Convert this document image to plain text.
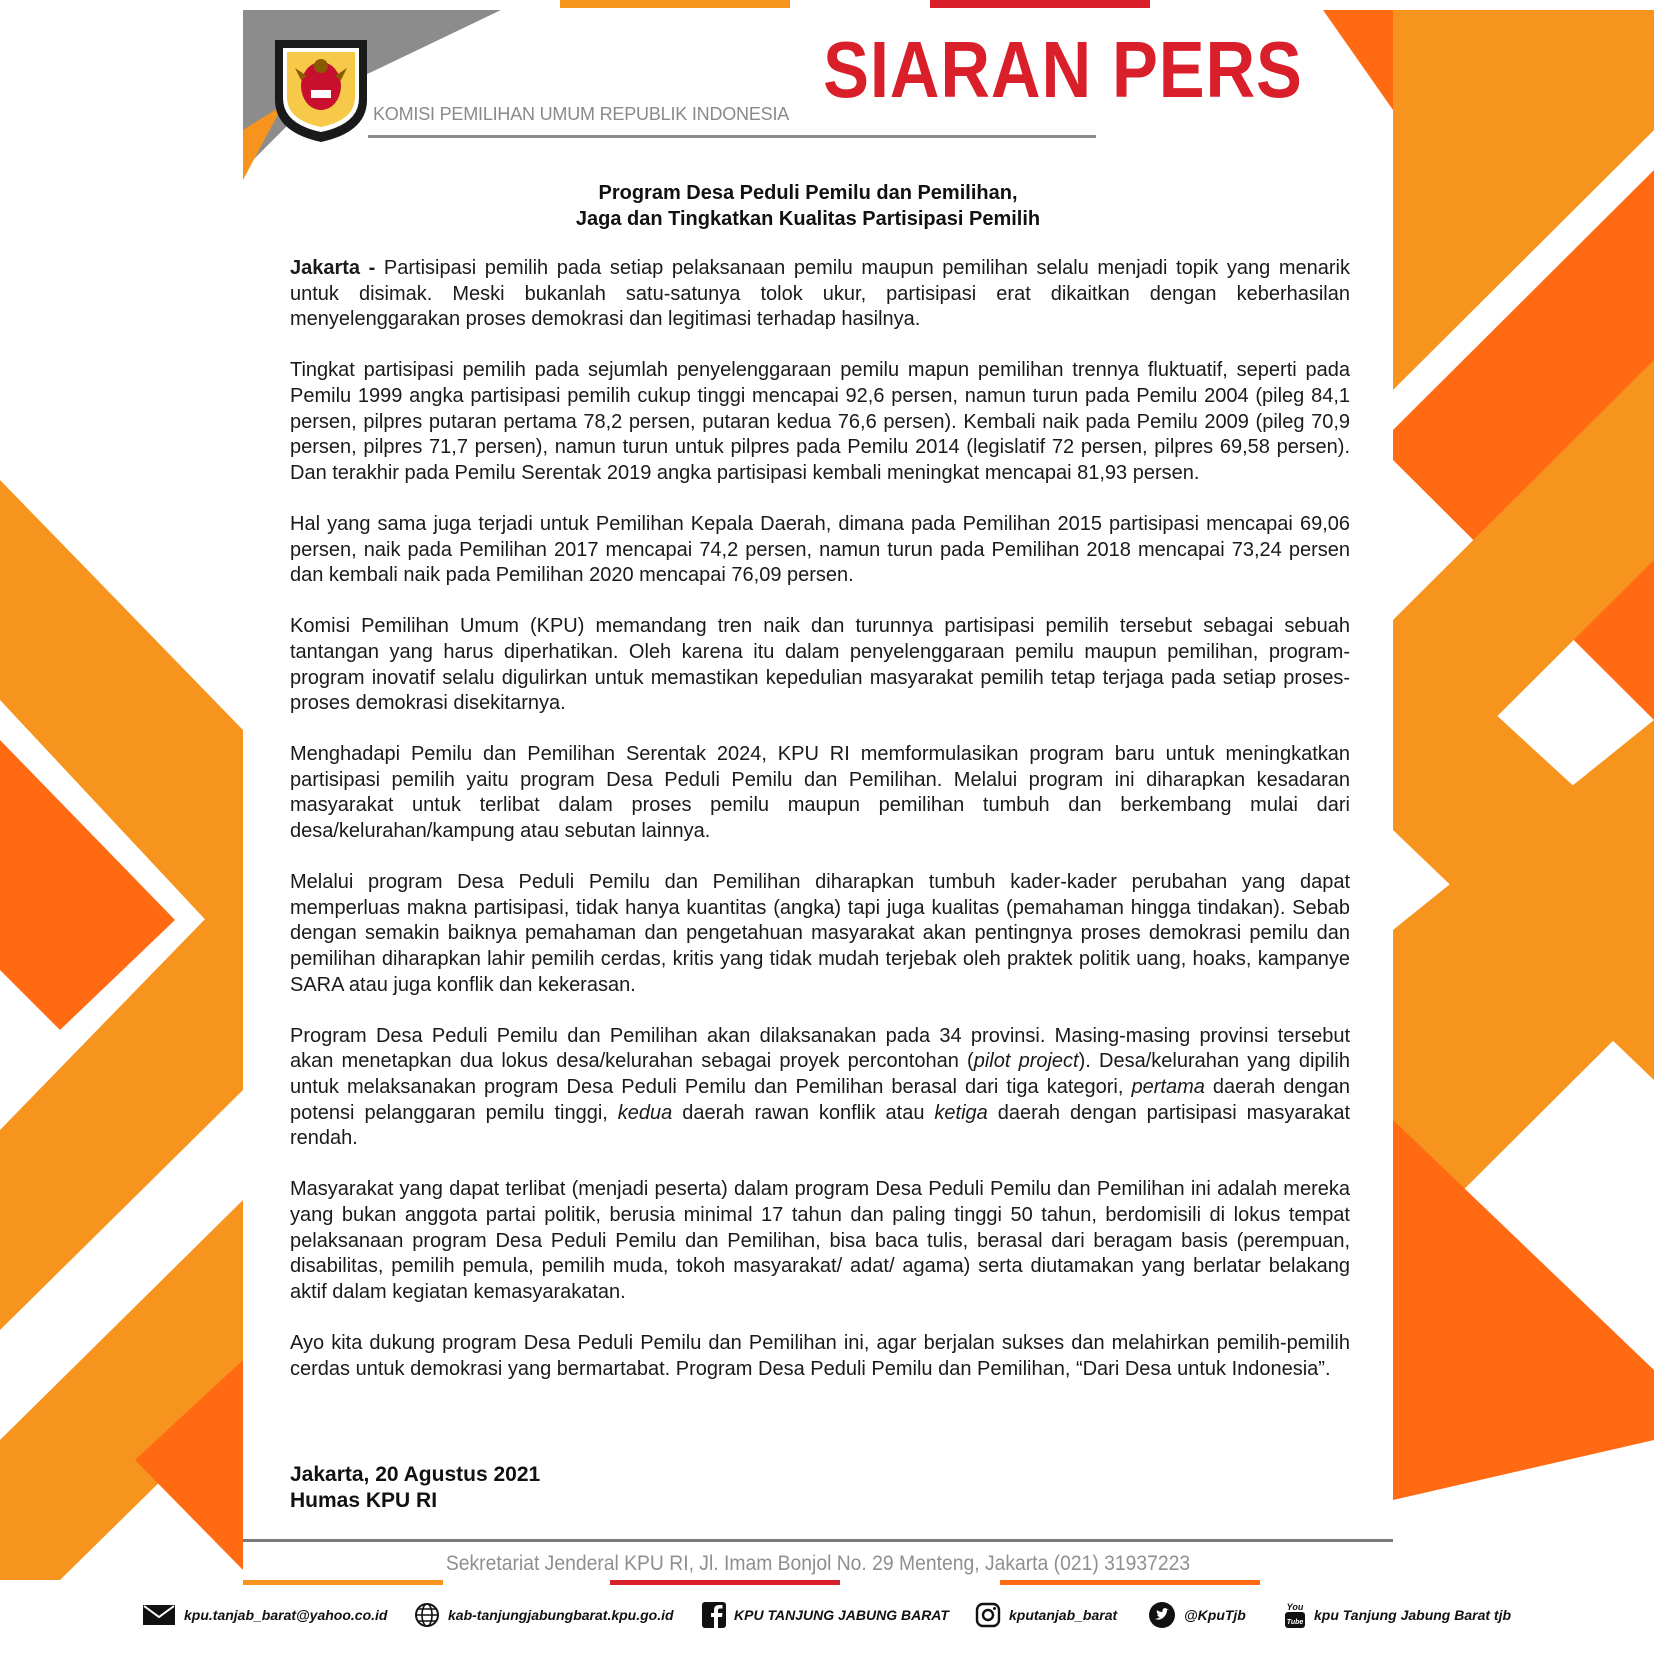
KOMISI PEMILIHAN UMUM REPUBLIK INDONESIA SIARAN PERS
Program Desa Peduli Pemilu dan Pemilihan,
Jaga dan Tingkatkan Kualitas Partisipasi Pemilih

Jakarta - Partisipasi pemilih pada setiap pelaksanaan pemilu maupun pemilihan selalu menjadi topik yang menarik untuk disimak. Meski bukanlah satu-satunya tolok ukur, partisipasi erat dikaitkan dengan keberhasilan menyelenggarakan proses demokrasi dan legitimasi terhadap hasilnya.

Tingkat partisipasi pemilih pada sejumlah penyelenggaraan pemilu mapun pemilihan trennya fluktuatif, seperti pada Pemilu 1999 angka partisipasi pemilih cukup tinggi mencapai 92,6 persen, namun turun pada Pemilu 2004 (pileg 84,1 persen, pilpres putaran pertama 78,2 persen, putaran kedua 76,6 persen). Kembali naik pada Pemilu 2009 (pileg 70,9 persen, pilpres 71,7 persen), namun turun untuk pilpres pada Pemilu 2014 (legislatif 72 persen, pilpres 69,58 persen). Dan terakhir pada Pemilu Serentak 2019 angka partisipasi kembali meningkat mencapai 81,93 persen.

Hal yang sama juga terjadi untuk Pemilihan Kepala Daerah, dimana pada Pemilihan 2015 partisipasi mencapai 69,06 persen, naik pada Pemilihan 2017 mencapai 74,2 persen, namun turun pada Pemilihan 2018 mencapai 73,24 persen dan kembali naik pada Pemilihan 2020 mencapai 76,09 persen.

Komisi Pemilihan Umum (KPU) memandang tren naik dan turunnya partisipasi pemilih tersebut sebagai sebuah tantangan yang harus diperhatikan. Oleh karena itu dalam penyelenggaraan pemilu maupun pemilihan, program-program inovatif selalu digulirkan untuk memastikan kepedulian masyarakat pemilih tetap terjaga pada setiap proses-proses demokrasi disekitarnya.

Menghadapi Pemilu dan Pemilihan Serentak 2024, KPU RI memformulasikan program baru untuk meningkatkan partisipasi pemilih yaitu program Desa Peduli Pemilu dan Pemilihan. Melalui program ini diharapkan kesadaran masyarakat untuk terlibat dalam proses pemilu maupun pemilihan tumbuh dan berkembang mulai dari desa/kelurahan/kampung atau sebutan lainnya.

Melalui program Desa Peduli Pemilu dan Pemilihan diharapkan tumbuh kader-kader perubahan yang dapat memperluas makna partisipasi, tidak hanya kuantitas (angka) tapi juga kualitas (pemahaman hingga tindakan). Sebab dengan semakin baiknya pemahaman dan pengetahuan masyarakat akan pentingnya proses demokrasi pemilu dan pemilihan diharapkan lahir pemilih cerdas, kritis yang tidak mudah terjebak oleh praktek politik uang, hoaks, kampanye SARA atau juga konflik dan kekerasan.

Program Desa Peduli Pemilu dan Pemilihan akan dilaksanakan pada 34 provinsi. Masing-masing provinsi tersebut akan menetapkan dua lokus desa/kelurahan sebagai proyek percontohan (pilot project). Desa/kelurahan yang dipilih untuk melaksanakan program Desa Peduli Pemilu dan Pemilihan berasal dari tiga kategori, pertama daerah dengan potensi pelanggaran pemilu tinggi, kedua daerah rawan konflik atau ketiga daerah dengan partisipasi masyarakat rendah.

Masyarakat yang dapat terlibat (menjadi peserta) dalam program Desa Peduli Pemilu dan Pemilihan ini adalah mereka yang bukan anggota partai politik, berusia minimal 17 tahun dan paling tinggi 50 tahun, berdomisili di lokus tempat pelaksanaan program Desa Peduli Pemilu dan Pemilihan, bisa baca tulis, berasal dari beragam basis (perempuan, disabilitas, pemilih pemula, pemilih muda, tokoh masyarakat/ adat/ agama) serta diutamakan yang berlatar belakang aktif dalam kegiatan kemasyarakatan.

Ayo kita dukung program Desa Peduli Pemilu dan Pemilihan ini, agar berjalan sukses dan melahirkan pemilih-pemilih cerdas untuk demokrasi yang bermartabat. Program Desa Peduli Pemilu dan Pemilihan, “Dari Desa untuk Indonesia”.

Jakarta, 20 Agustus 2021
Humas KPU RI
Sekretariat Jenderal KPU RI, Jl. Imam Bonjol No. 29 Menteng, Jakarta (021) 31937223
kpu.tanjab_barat@yahoo.co.id	kab-tanjungjabungbarat.kpu.go.id	KPU TANJUNG JABUNG BARAT	kputanjab_barat	@KpuTjb	You
Tube kpu Tanjung Jabung Barat tjb
